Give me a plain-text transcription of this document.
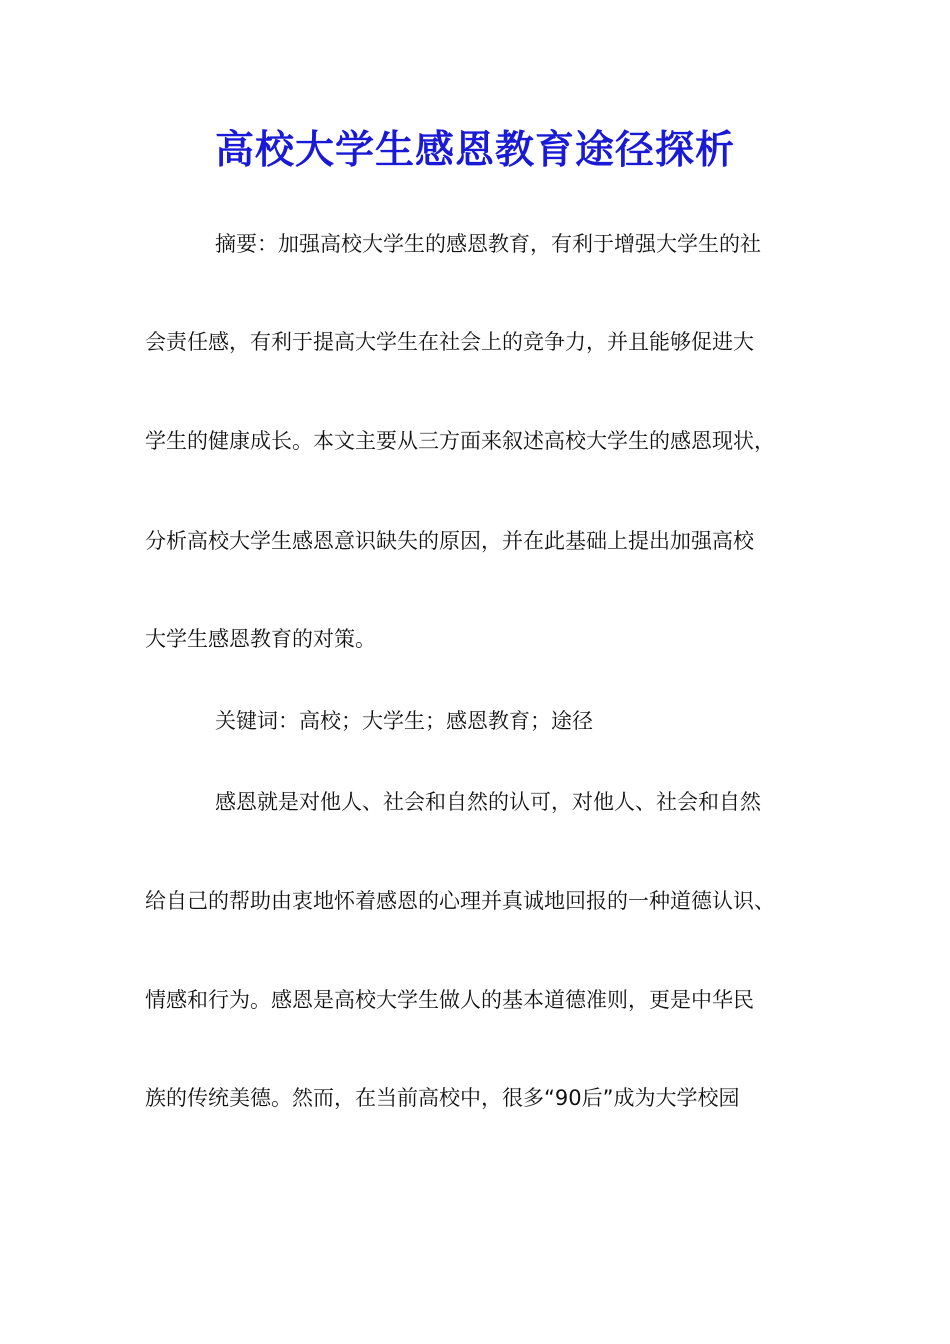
高校大学生感恩教育途径探析
摘要：加强高校大学生的感恩教育，有利于增强大学生的社
会责任感，有利于提高大学生在社会上的竞争力，并且能够促进大
学生的健康成长。本文主要从三方面来叙述高校大学生的感恩现状，
分析高校大学生感恩意识缺失的原因，并在此基础上提出加强高校
大学生感恩教育的对策。
关键词：高校；大学生；感恩教育；途径
感恩就是对他人、社会和自然的认可，对他人、社会和自然
给自己的帮助由衷地怀着感恩的心理并真诚地回报的一种道德认识、
情感和行为。感恩是高校大学生做人的基本道德准则，更是中华民
族的传统美德。然而，在当前高校中，很多“90后”成为大学校园
